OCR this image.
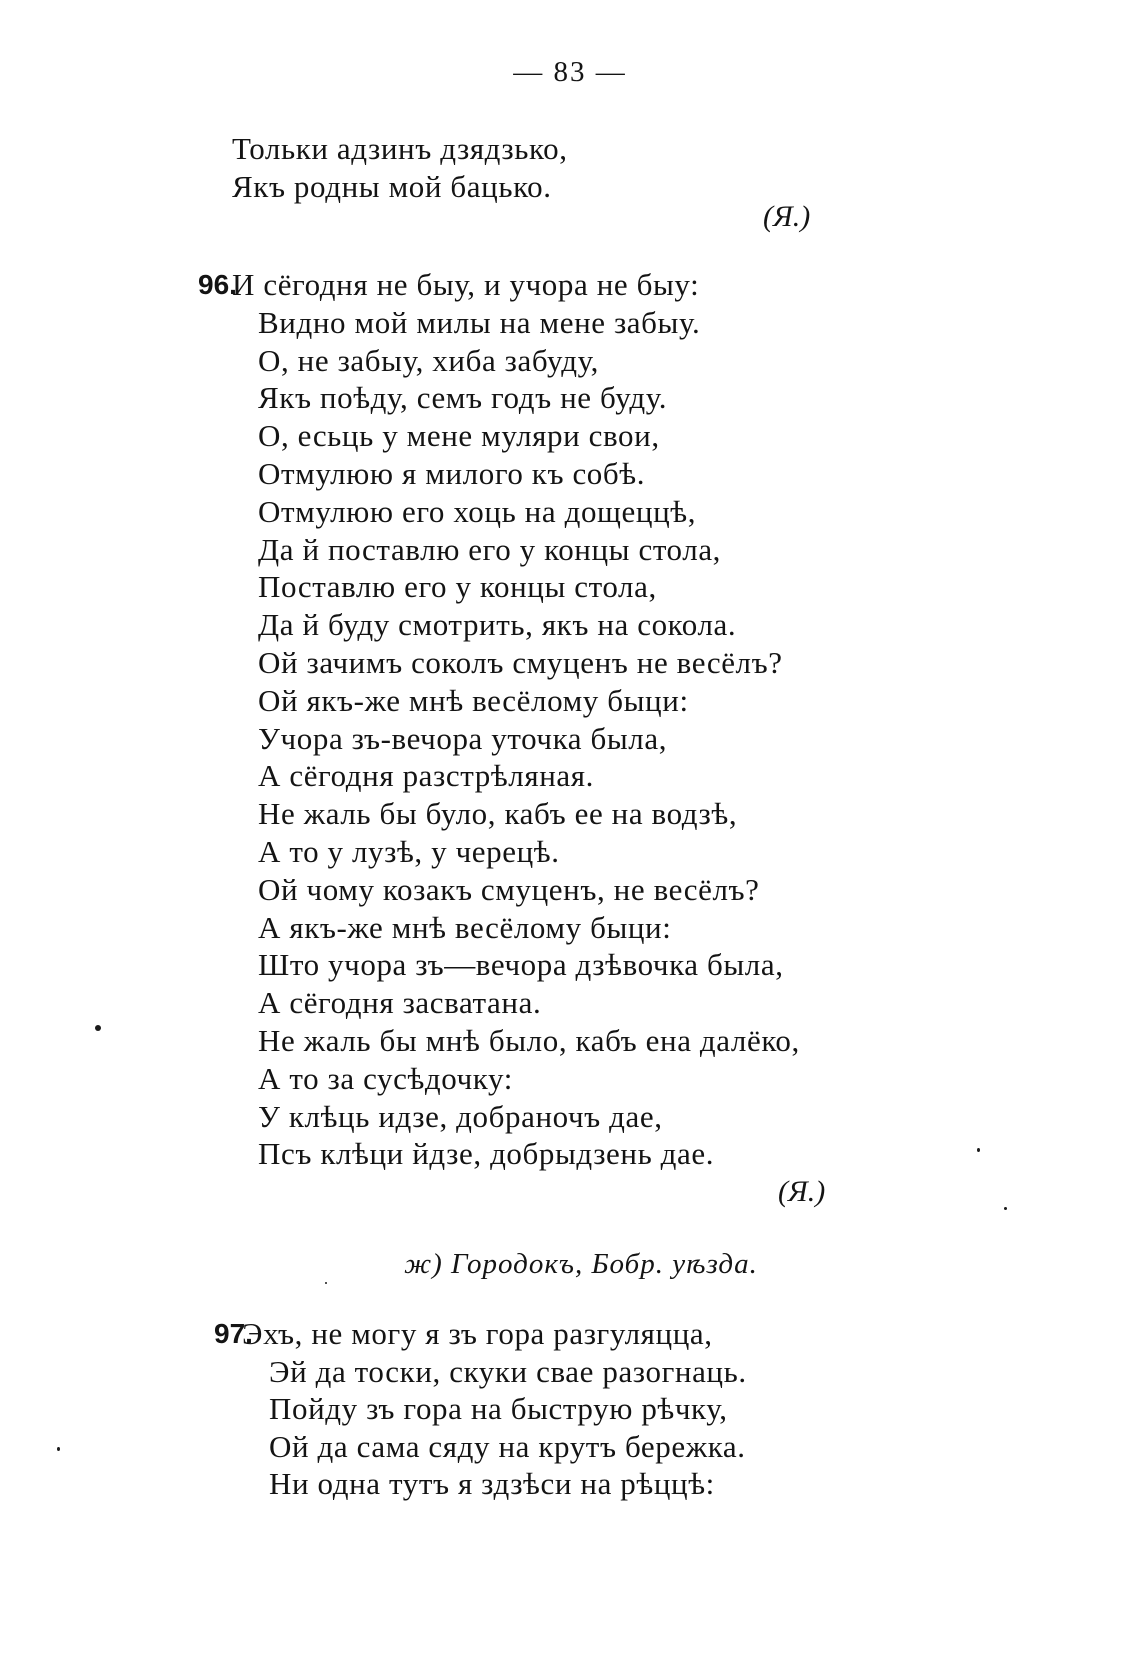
— 83 —
Тольки адзинъ дзядзько,
Якъ родны мой бацько.
(Я.)
96.
И сёгодня не быу, и учора не быу:
Видно мой милы на мене забыу.
О, не забыу, хиба забуду,
Якъ поѣду, семъ годъ не буду.
О, есьць у мене муляри свои,
Отмулюю я милого къ собѣ.
Отмулюю его хоць на дощеццѣ,
Да й поставлю его у концы стола,
Поставлю его у концы стола,
Да й буду смотрить, якъ на сокола.
Ой зачимъ соколъ смуценъ не весёлъ?
Ой якъ-же мнѣ весёлому быци:
Учора зъ-вечора уточка была,
А сёгодня разстрѣляная.
Не жаль бы було, кабъ ее на водзѣ,
А то у лузѣ, у черецѣ.
Ой чому козакъ смуценъ, не весёлъ?
А якъ-же мнѣ весёлому быци:
Што учора зъ—вечора дзѣвочка была,
А сёгодня засватана.
Не жаль бы мнѣ было, кабъ ена далёко,
А то за сусѣдочку:
У клѣць идзе, добраночъ дае,
Псъ клѣци йдзе, добрыдзень дае.
(Я.)
ж) Городокъ, Бобр. уѣзда.
97.
Эхъ, не могу я зъ гора разгуляцца,
Эй да тоски, скуки свае разогнаць.
Пойду зъ гора на быструю рѣчку,
Ой да сама сяду на крутъ бережка.
Ни одна тутъ я здзѣси на рѣццѣ:
